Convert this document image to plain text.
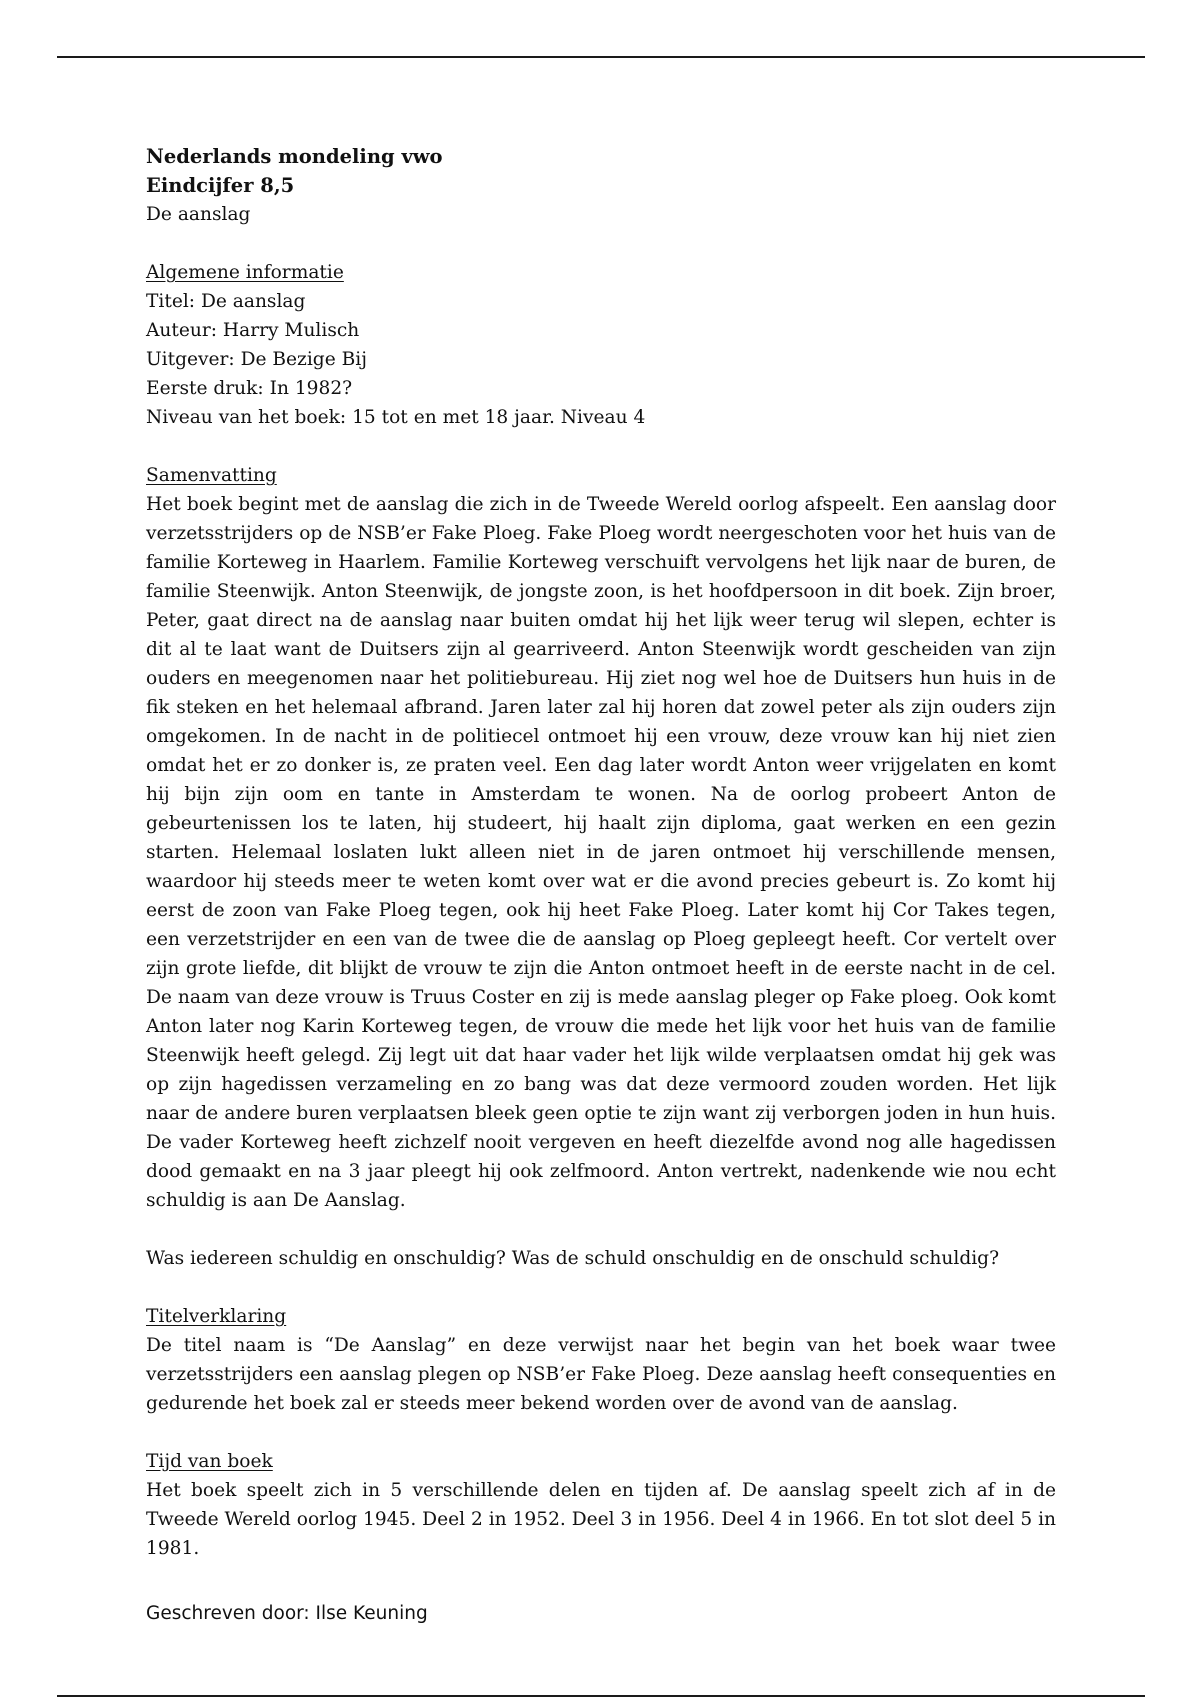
Nederlands mondeling vwo
Eindcijfer 8,5
De aanslag
Algemene informatie
Titel: De aanslag
Auteur: Harry Mulisch
Uitgever: De Bezige Bij
Eerste druk: In 1982?
Niveau van het boek: 15 tot en met 18 jaar. Niveau 4
Samenvatting

Het boek begint met de aanslag die zich in de Tweede Wereld oorlog afspeelt. Een aanslag door verzetsstrijders op de NSB’er Fake Ploeg. Fake Ploeg wordt neergeschoten voor het huis van de familie Korteweg in Haarlem. Familie Korteweg verschuift vervolgens het lijk naar de buren, de familie Steenwijk. Anton Steenwijk, de jongste zoon, is het hoofdpersoon in dit boek. Zijn broer, Peter, gaat direct na de aanslag naar buiten omdat hij het lijk weer terug wil slepen, echter is dit al te laat want de Duitsers zijn al gearriveerd. Anton Steenwijk wordt gescheiden van zijn ouders en meegenomen naar het politiebureau. Hij ziet nog wel hoe de Duitsers hun huis in de fik steken en het helemaal afbrand. Jaren later zal hij horen dat zowel peter als zijn ouders zijn omgekomen. In de nacht in de politiecel ontmoet hij een vrouw, deze vrouw kan hij niet zien omdat het er zo donker is, ze praten veel. Een dag later wordt Anton weer vrijgelaten en komt hij bijn zijn oom en tante in Amsterdam te wonen. Na de oorlog probeert Anton de gebeurtenissen los te laten, hij studeert, hij haalt zijn diploma, gaat werken en een gezin starten. Helemaal loslaten lukt alleen niet in de jaren ontmoet hij verschillende mensen, waardoor hij steeds meer te weten komt over wat er die avond precies gebeurt is. Zo komt hij eerst de zoon van Fake Ploeg tegen, ook hij heet Fake Ploeg. Later komt hij Cor Takes tegen, een verzetstrijder en een van de twee die de aanslag op Ploeg gepleegt heeft. Cor vertelt over zijn grote liefde, dit blijkt de vrouw te zijn die Anton ontmoet heeft in de eerste nacht in de cel. De naam van deze vrouw is Truus Coster en zij is mede aanslag pleger op Fake ploeg. Ook komt Anton later nog Karin Korteweg tegen, de vrouw die mede het lijk voor het huis van de familie Steenwijk heeft gelegd. Zij legt uit dat haar vader het lijk wilde verplaatsen omdat hij gek was op zijn hagedissen verzameling en zo bang was dat deze vermoord zouden worden. Het lijk naar de andere buren verplaatsen bleek geen optie te zijn want zij verborgen joden in hun huis. De vader Korteweg heeft zichzelf nooit vergeven en heeft diezelfde avond nog alle hagedissen dood gemaakt en na 3 jaar pleegt hij ook zelfmoord. Anton vertrekt, nadenkende wie nou echt schuldig is aan De Aanslag.

Was iedereen schuldig en onschuldig? Was de schuld onschuldig en de onschuld schuldig?
Titelverklaring

De titel naam is “De Aanslag” en deze verwijst naar het begin van het boek waar twee verzetsstrijders een aanslag plegen op NSB’er Fake Ploeg. Deze aanslag heeft consequenties en gedurende het boek zal er steeds meer bekend worden over de avond van de aanslag.

Tijd van boek

Het boek speelt zich in 5 verschillende delen en tijden af. De aanslag speelt zich af in de Tweede Wereld oorlog 1945. Deel 2 in 1952. Deel 3 in 1956. Deel 4 in 1966. En tot slot deel 5 in 1981.

Geschreven door: Ilse Keuning
